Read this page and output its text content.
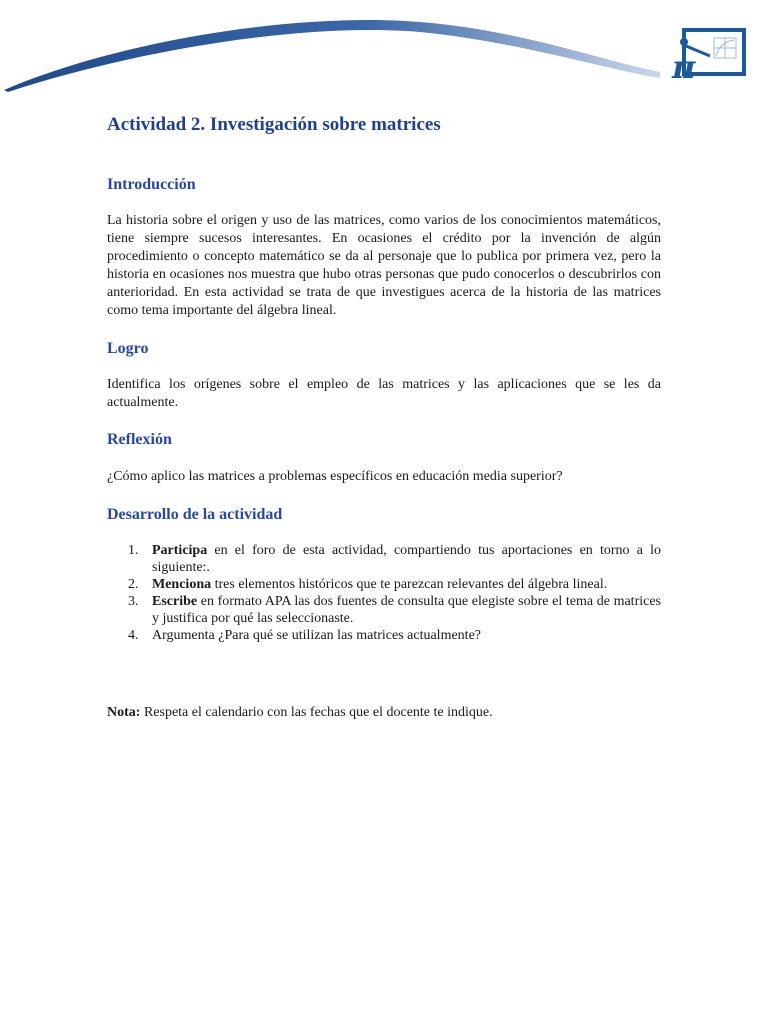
π
Actividad 2. Investigación sobre matrices
Introducción

La historia sobre el origen y uso de las matrices, como varios de los conocimientos matemáticos, tiene siempre sucesos interesantes. En ocasiones el crédito por la invención de algún procedimiento o concepto matemático se da al personaje que lo publica por primera vez, pero la historia en ocasiones nos muestra que hubo otras personas que pudo conocerlos o descubrirlos con anterioridad. En esta actividad se trata de que investigues acerca de la historia de las matrices como tema importante del álgebra lineal.

Logro

Identifica los orígenes sobre el empleo de las matrices y las aplicaciones que se les da actualmente.

Reflexión

¿Cómo aplico las matrices a problemas específicos en educación media superior?

Desarrollo de la actividad
1. Participa en el foro de esta actividad, compartiendo tus aportaciones en torno a lo siguiente:.
2. Menciona tres elementos históricos que te parezcan relevantes del álgebra lineal.
3. Escribe en formato APA las dos fuentes de consulta que elegiste sobre el tema de matrices y justifica por qué las seleccionaste.
4. Argumenta ¿Para qué se utilizan las matrices actualmente?
Nota: Respeta el calendario con las fechas que el docente te indique.
